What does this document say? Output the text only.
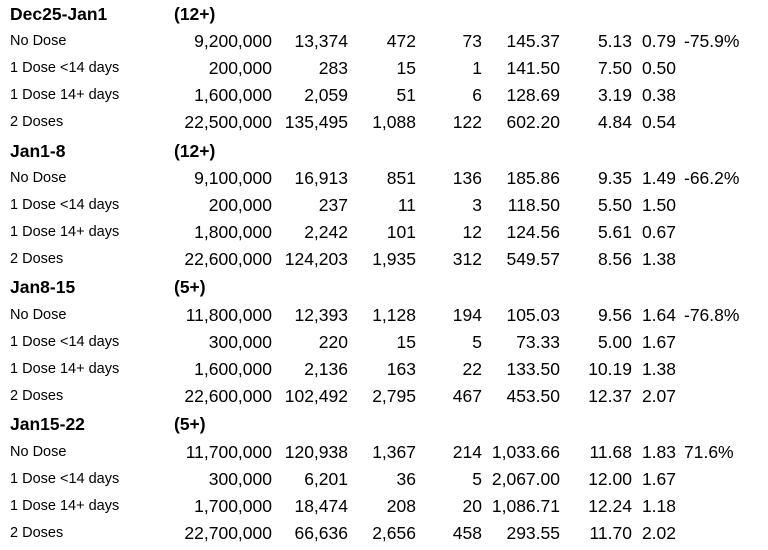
Dec25-Jan1	(12+)
No Dose	9,200,000 13,374 472	73 145.37 5.13 0.79 -75.9%
1 Dose <14 days	200,000	283	15	1 141.50 7.50 0.50
1 Dose 14+ days	1,600,000 2,059	51	6 128.69 3.19 0.38
2 Doses	22,500,000 135,495 1,088 122 602.20 4.84 0.54
Jan1-8	(12+)
No Dose	9,100,000 16,913 851 136 185.86 9.35 1.49 -66.2%
1 Dose <14 days	200,000	237	11	3 118.50 5.50 1.50
1 Dose 14+ days	1,800,000 2,242 101	12 124.56 5.61 0.67
2 Doses	22,600,000 124,203 1,935 312 549.57 8.56 1.38
Jan8-15	(5+)
No Dose	11,800,000 12,393 1,128 194 105.03 9.56 1.64 -76.8%
1 Dose <14 days	300,000	220	15	5 73.33 5.00 1.67
1 Dose 14+ days	1,600,000 2,136 163	22 133.50 10.19 1.38
2 Doses	22,600,000 102,492 2,795 467 453.50 12.37 2.07
Jan15-22	(5+)
No Dose	11,700,000 120,938 1,367 214 1,033.66 11.68 1.83 71.6%
1 Dose <14 days	300,000 6,201	36	5 2,067.00 12.00 1.67
1 Dose 14+ days	1,700,000 18,474 208	20 1,086.71 12.24 1.18
2 Doses	22,700,000 66,636 2,656 458 293.55 11.70 2.02
